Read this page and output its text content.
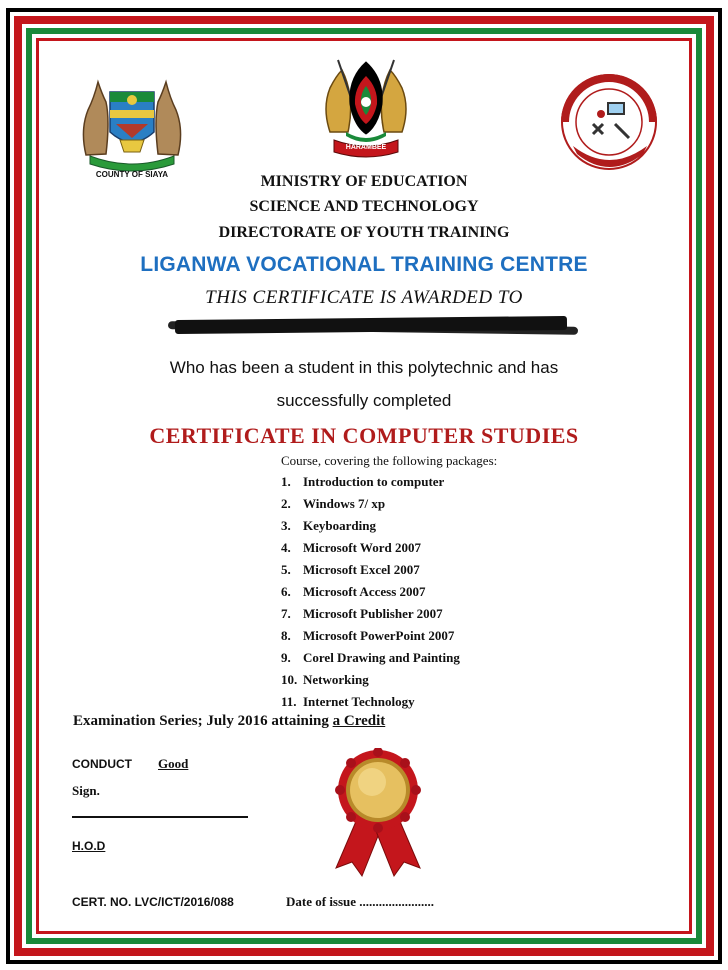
COUNTY OF SIAYA
HARAMBEE
MINISTRY OF EDUCATION
SCIENCE AND TECHNOLOGY
DIRECTORATE OF YOUTH TRAINING
LIGANWA VOCATIONAL TRAINING CENTRE
THIS CERTIFICATE IS AWARDED TO
Who has been a student in this polytechnic and has
successfully completed
CERTIFICATE IN COMPUTER STUDIES
Course, covering the following packages:
1. Introduction to computer
2. Windows 7/ xp
3. Keyboarding
4. Microsoft Word 2007
5. Microsoft Excel 2007
6. Microsoft Access 2007
7. Microsoft Publisher 2007
8. Microsoft PowerPoint 2007
9. Corel Drawing and Painting
10. Networking
11. Internet Technology
Examination Series; July 2016 attaining a Credit
CONDUCT Good
Sign.
H.O.D
CERT. NO. LVC/ICT/2016/088	Date of issue .......................
